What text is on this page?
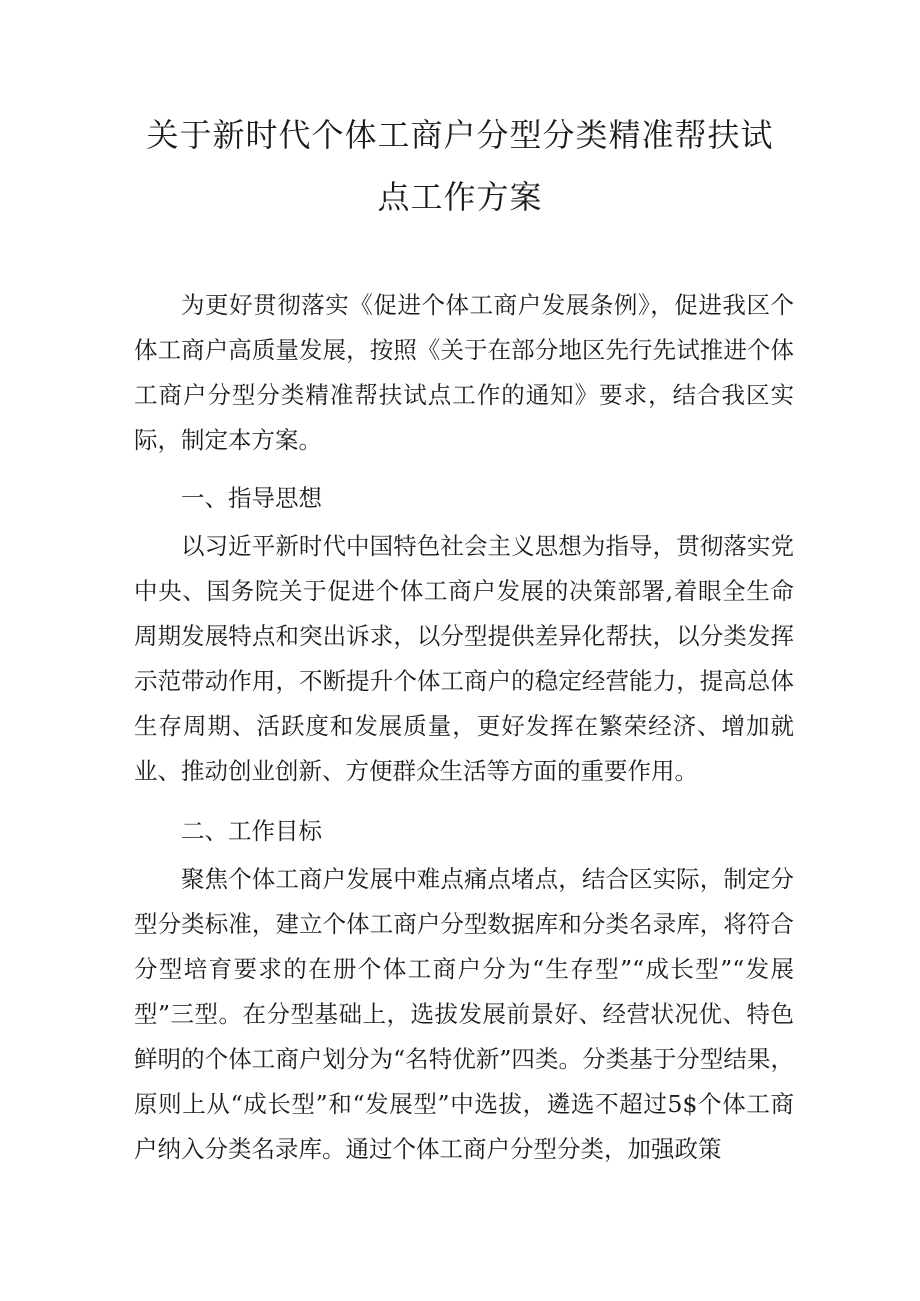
关于新时代个体工商户分型分类精准帮扶试
点工作方案

为更好贯彻落实《促进个体工商户发展条例》，促进我区个体工商户高质量发展，按照《关于在部分地区先行先试推进个体工商户分型分类精准帮扶试点工作的通知》要求，结合我区实际，制定本方案。

一、指导思想

以习近平新时代中国特色社会主义思想为指导，贯彻落实党中央、国务院关于促进个体工商户发展的决策部署,着眼全生命周期发展特点和突出诉求，以分型提供差异化帮扶，以分类发挥示范带动作用，不断提升个体工商户的稳定经营能力，提高总体生存周期、活跃度和发展质量，更好发挥在繁荣经济、增加就业、推动创业创新、方便群众生活等方面的重要作用。

二、工作目标

聚焦个体工商户发展中难点痛点堵点，结合区实际，制定分型分类标准，建立个体工商户分型数据库和分类名录库，将符合分型培育要求的在册个体工商户分为“生存型”“成长型”“发展型”三型。在分型基础上，选拔发展前景好、经营状况优、特色鲜明的个体工商户划分为“名特优新”四类。分类基于分型结果，原则上从“成长型”和“发展型”中选拔，遴选不超过5$个体工商户纳入分类名录库。通过个体工商户分型分类，加强政策
